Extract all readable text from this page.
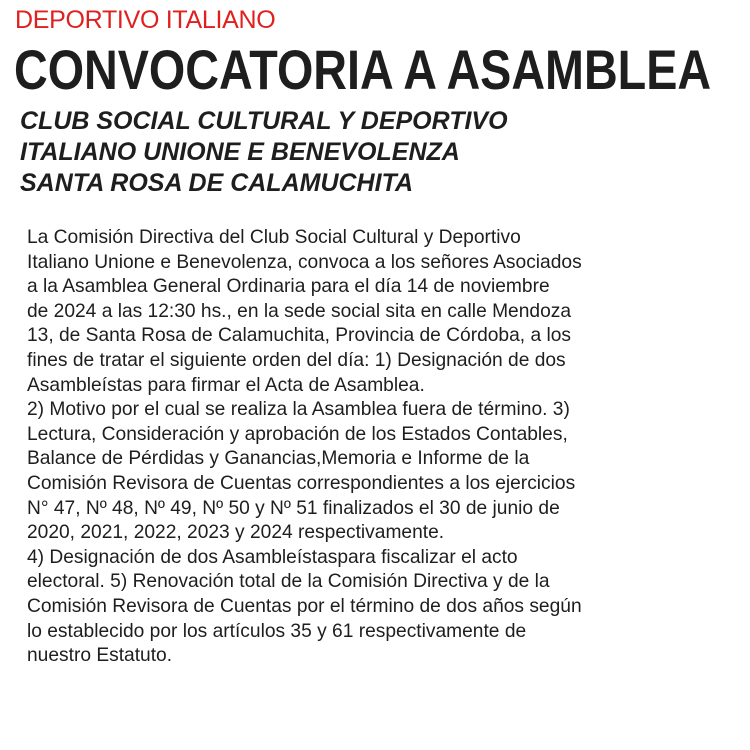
DEPORTIVO ITALIANO
CONVOCATORIA A ASAMBLEA
CLUB SOCIAL CULTURAL Y DEPORTIVO
ITALIANO UNIONE E BENEVOLENZA
SANTA ROSA DE CALAMUCHITA
La Comisión Directiva del Club Social Cultural y Deportivo
Italiano Unione e Benevolenza, convoca a los señores Asociados
a la Asamblea General Ordinaria para el día 14 de noviembre
de 2024 a las 12:30 hs., en la sede social sita en calle Mendoza
13, de Santa Rosa de Calamuchita, Provincia de Córdoba, a los
fines de tratar el siguiente orden del día: 1) Designación de dos
Asambleístas para firmar el Acta de Asamblea.
2) Motivo por el cual se realiza la Asamblea fuera de término. 3)
Lectura, Consideración y aprobación de los Estados Contables,
Balance de Pérdidas y Ganancias,Memoria e Informe de la
Comisión Revisora de Cuentas correspondientes a los ejercicios
N° 47, Nº 48, Nº 49, Nº 50 y Nº 51 finalizados el 30 de junio de
2020, 2021, 2022, 2023 y 2024 respectivamente.
4) Designación de dos Asambleístaspara fiscalizar el acto
electoral. 5) Renovación total de la Comisión Directiva y de la
Comisión Revisora de Cuentas por el término de dos años según
lo establecido por los artículos 35 y 61 respectivamente de
nuestro Estatuto.
